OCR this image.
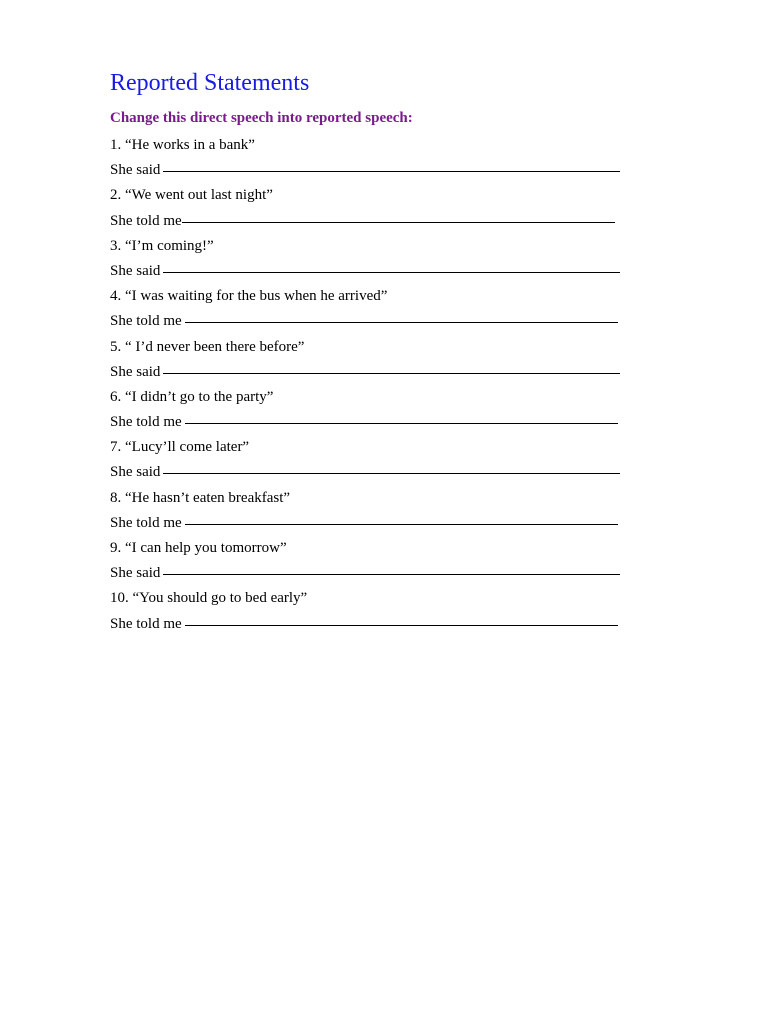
Reported Statements
Change this direct speech into reported speech:
1. “He works in a bank”
She said
2. “We went out last night”
She told me
3. “I’m coming!”
She said
4. “I was waiting for the bus when he arrived”
She told me
5. “ I’d never been there before”
She said
6. “I didn’t go to the party”
She told me
7. “Lucy’ll come later”
She said
8. “He hasn’t eaten breakfast”
She told me
9. “I can help you tomorrow”
She said
10. “You should go to bed early”
She told me
